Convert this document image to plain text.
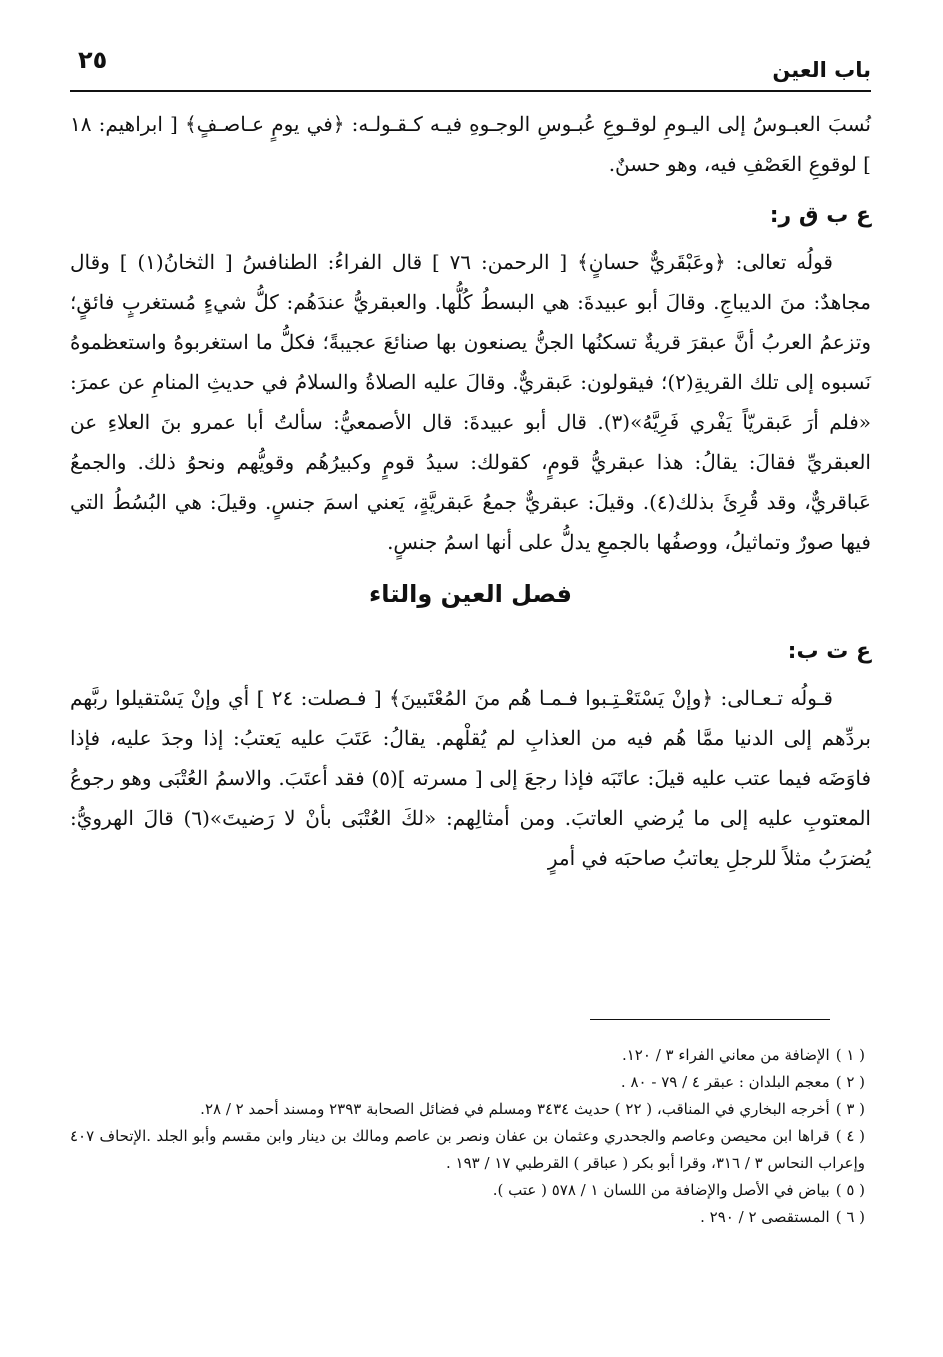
باب العين
٢٥

نُسبَ العبـوسُ إلى اليـومِ لوقـوعِ عُبـوسِ الوجـوهِ فيـه كـقـولـه: ﴿في يومٍ عـاصـفٍ﴾ [ ابراهيم: ١٨ ] لوقوعِ العَصْفِ فيه، وهو حسنٌ.

ع ب ق ر:

قولُه تعالى: ﴿وعَبْقَريٌّ حسانٍ﴾ [ الرحمن: ٧٦ ] قال الفراءُ: الطنافسُ [ الثخانُ(١) ] وقال مجاهدٌ: منَ الديباجِ. وقالَ أبو عبيدةَ: هي البسطُ كُلُّها. والعبقريُّ عندَهُم: كلُّ شيءٍ مُستغربٍ فائقٍ؛ وتزعمُ العربُ أنَّ عبقرَ قريةٌ تسكنُها الجنُّ يصنعون بها صنائعَ عجيبةً؛ فكلُّ ما استغربوهُ واستعظموهُ نَسبوه إلى تلك القريةِ(٢)؛ فيقولون: عَبقريٌّ. وقالَ عليه الصلاةُ والسلامُ في حديثِ المنامِ عن عمرَ: «فلم أرَ عَبقريّاً يَفْري فَرِيَّهُ»(٣). قال أبو عبيدةَ: قال الأصمعيُّ: سألتُ أبا عمرو بنَ العلاءِ عن العبقريِّ فقالَ: يقالُ: هذا عبقريُّ قومٍ، كقولك: سيدُ قومٍ وكبيرُهُم وقويُّهم ونحوُ ذلك. والجمعُ عَباقريٌّ، وقد قُرِئَ بذلك(٤). وقيلَ: عبقريٌّ جمعُ عَبقريَّةٍ، يَعني اسمَ جنسٍ. وقيلَ: هي البُسُطُ التي فيها صورٌ وتماثيلُ، ووصفُها بالجمعِ يدلُّ على أنها اسمُ جنسٍ.

فصل العين والتاء
ع ت ب:

قـولُه تـعـالى: ﴿وإنْ يَسْتَعْـتِـبوا فـمـا هُم منَ المُعْتَبينَ﴾ [ فـصلت: ٢٤ ] أي وإنْ يَسْتقيلوا ربَّهم بردِّهم إلى الدنيا ممَّا هُم فيه من العذابِ لم يُقلْهم. يقالُ: عَتَبَ عليه يَعتبُ: إذا وجدَ عليه، فإذا فاوَضَه فيما عتب عليه قيلَ: عاتَبَه فإذا رجعَ إلى [ مسرته ](٥) فقد أعتَبَ. والاسمُ العُتْبَى وهو رجوعُ المعتوبِ عليه إلى ما يُرضي العاتبَ. ومن أمثالِهم: «لكَ العُتْبَى بأنْ لا رَضيتَ»(٦) قالَ الهرويُّ: يُضرَبُ مثلاً للرجلِ يعاتبُ صاحبَه في أمرٍ

( ١ )الإضافة من معاني الفراء ٣ / ١٢٠.

( ٢ )معجم البلدان : عبقر ٤ / ٧٩ - ٨٠ .

( ٣ )أخرجه البخاري في المناقب، ( ٢٢ ) حديث ٣٤٣٤ ومسلم في فضائل الصحابة ٢٣٩٣ ومسند أحمد ٢ / ٢٨.

( ٤ )قراها ابن محيصن وعاصم والجحدري وعثمان بن عفان ونصر بن عاصم ومالك بن دينار وابن مقسم وأبو الجلد .الإتحاف ٤٠٧ وإعراب النحاس ٣ / ٣١٦، وقرا أبو بكر ( عباقر ) القرطبي ١٧ / ١٩٣ .

( ٥ )بياض في الأصل والإضافة من اللسان ١ / ٥٧٨ ( عتب ).

( ٦ )المستقصى ٢ / ٢٩٠ .
